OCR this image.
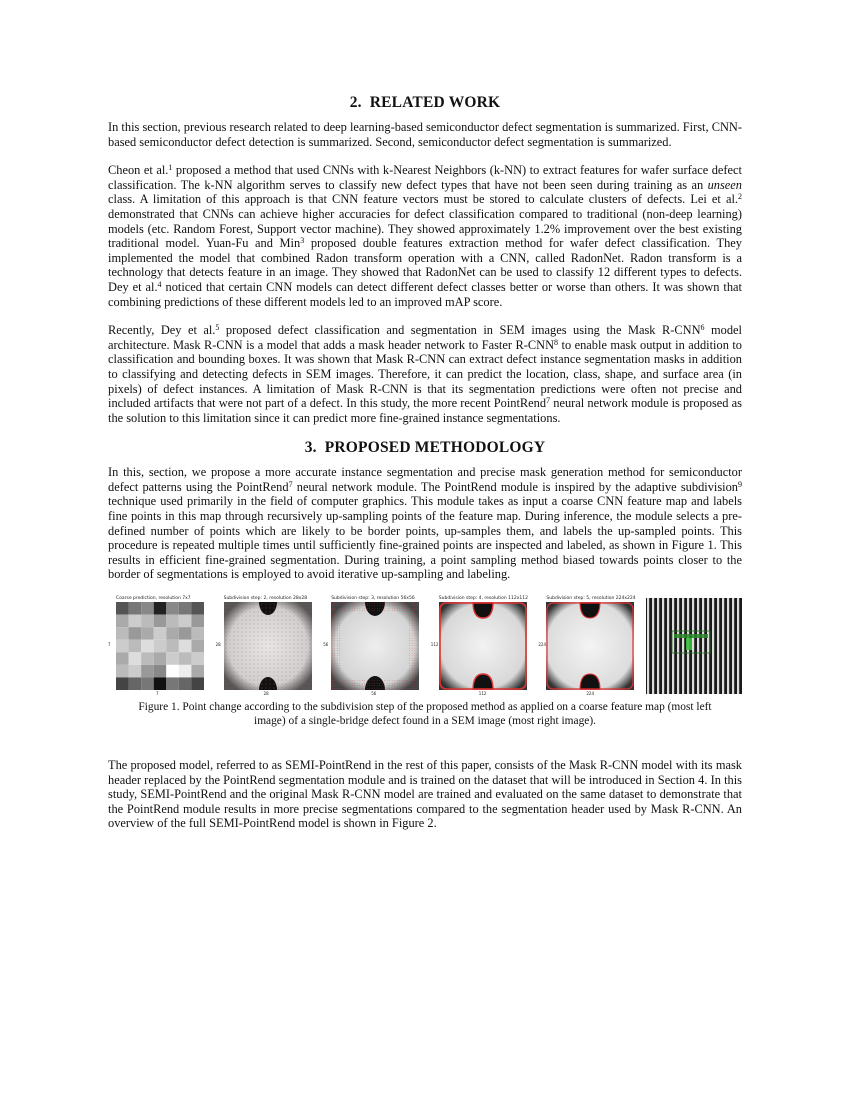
2. RELATED WORK

In this section, previous research related to deep learning-based semiconductor defect segmentation is summarized. First, CNN-based semiconductor defect detection is summarized. Second, semiconductor defect segmentation is summarized.

Cheon et al.$^1$ proposed a method that used CNNs with k-Nearest Neighbors (k-NN) to extract features for wafer surface defect classification. The k-NN algorithm serves to classify new defect types that have not been seen during training as an unseen class. A limitation of this approach is that CNN feature vectors must be stored to calculate clusters of defects. Lei et al.$^2$ demonstrated that CNNs can achieve higher accuracies for defect classification compared to traditional (non-deep learning) models (etc. Random Forest, Support vector machine). They showed approximately 1.2% improvement over the best existing traditional model. Yuan-Fu and Min$^3$ proposed double features extraction method for wafer defect classification. They implemented the model that combined Radon transform operation with a CNN, called RadonNet. Radon transform is a technology that detects feature in an image. They showed that RadonNet can be used to classify 12 different types to defects. Dey et al.$^4$ noticed that certain CNN models can detect different defect classes better or worse than others. It was shown that combining predictions of these different models led to an improved mAP score.

Recently, Dey et al.$^5$ proposed defect classification and segmentation in SEM images using the Mask R-CNN$^6$ model architecture. Mask R-CNN is a model that adds a mask header network to Faster R-CNN$^8$ to enable mask output in addition to classification and bounding boxes. It was shown that Mask R-CNN can extract defect instance segmentation masks in addition to classifying and detecting defects in SEM images. Therefore, it can predict the location, class, shape, and surface area (in pixels) of defect instances. A limitation of Mask R-CNN is that its segmentation predictions were often not precise and included artifacts that were not part of a defect. In this study, the more recent PointRend$^7$ neural network module is proposed as the solution to this limitation since it can predict more fine-grained instance segmentations.

3. PROPOSED METHODOLOGY

In this, section, we propose a more accurate instance segmentation and precise mask generation method for semiconductor defect patterns using the PointRend$^7$ neural network module. The PointRend module is inspired by the adaptive subdivision$^9$ technique used primarily in the field of computer graphics. This module takes as input a coarse CNN feature map and labels fine points in this map through recursively up-sampling points of the feature map. During inference, the module selects a pre-defined number of points which are likely to be border points, up-samples them, and labels the up-sampled points. This procedure is repeated multiple times until sufficiently fine-grained points are inspected and labeled, as shown in Figure 1. This results in efficient fine-grained segmentation. During training, a point sampling method biased towards points closer to the border of segmentations is employed to avoid iterative up-sampling and labeling.

Coarse prediction, resolution 7x7
7
7
Subdivision step: 2, resolution 28x28
28
28
Subdivision step: 3, resolution 56x56
56
56
Subdivision step: 4, resolution 112x112
112
112
Subdivision step: 5, resolution 224x224
224
224

Figure 1. Point change according to the subdivision step of the proposed method as applied on a coarse feature map (most left image) of a single-bridge defect found in a SEM image (most right image).

The proposed model, referred to as SEMI-PointRend in the rest of this paper, consists of the Mask R-CNN model with its mask header replaced by the PointRend segmentation module and is trained on the dataset that will be introduced in Section 4. In this study, SEMI-PointRend and the original Mask R-CNN model are trained and evaluated on the same dataset to demonstrate that the PointRend module results in more precise segmentations compared to the segmentation header used by Mask R-CNN. An overview of the full SEMI-PointRend model is shown in Figure 2.
